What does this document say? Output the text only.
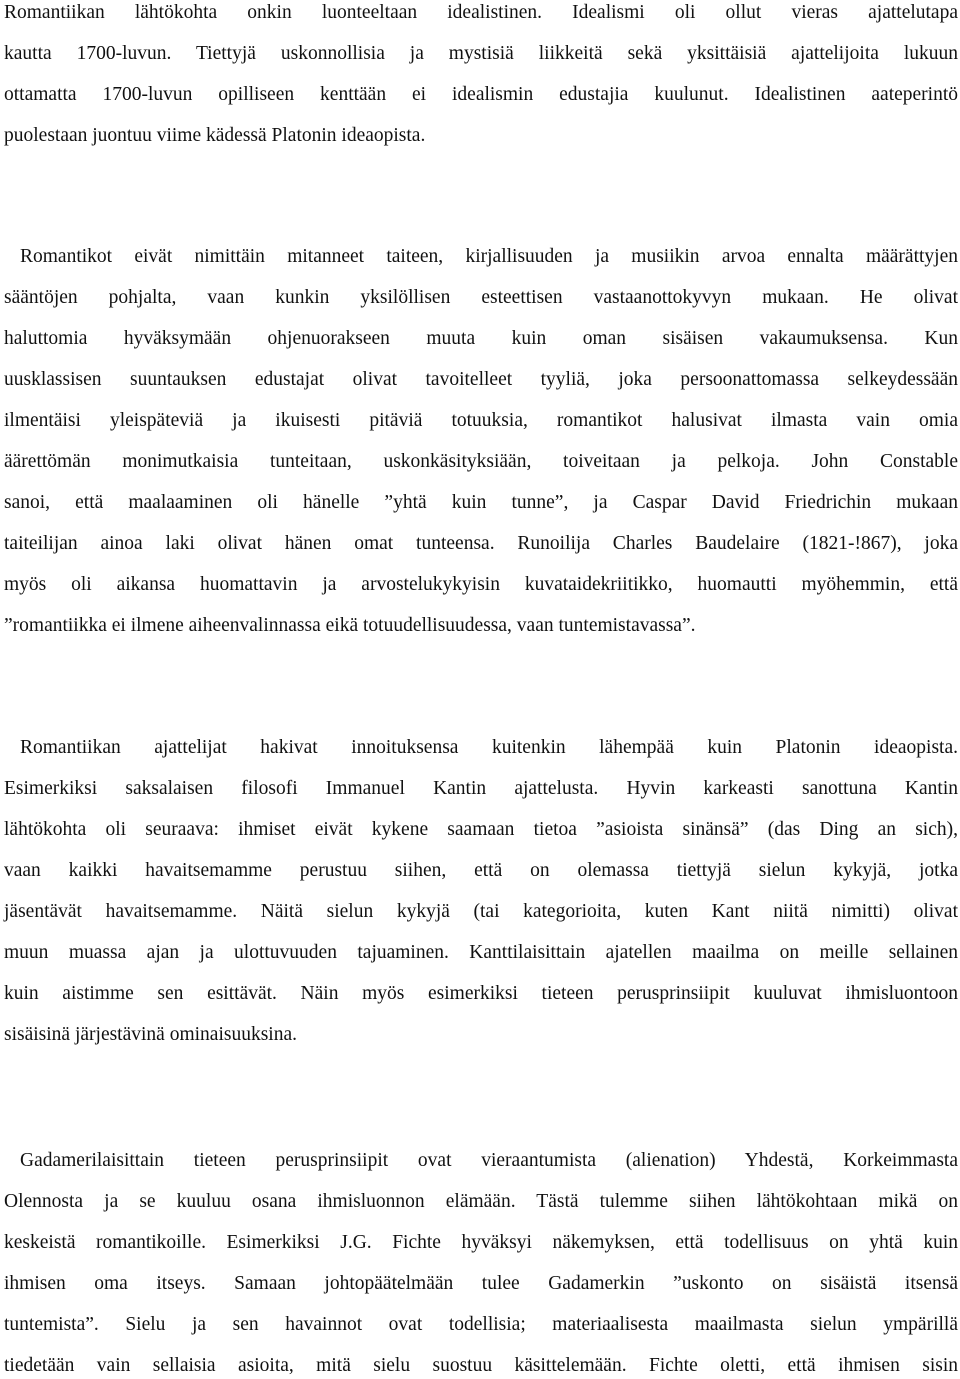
Romantiikan lähtökohta onkin luonteeltaan idealistinen. Idealismi oli ollut vieras ajattelutapa
kautta 1700-luvun. Tiettyjä uskonnollisia ja mystisiä liikkeitä sekä yksittäisiä ajattelijoita lukuun
ottamatta 1700-luvun opilliseen kenttään ei idealismin edustajia kuulunut. Idealistinen aateperintö
puolestaan juontuu viime kädessä Platonin ideaopista.
Romantikot eivät nimittäin mitanneet taiteen, kirjallisuuden ja musiikin arvoa ennalta määrättyjen
sääntöjen pohjalta, vaan kunkin yksilöllisen esteettisen vastaanottokyvyn mukaan. He olivat
haluttomia hyväksymään ohjenuorakseen muuta kuin oman sisäisen vakaumuksensa. Kun
uusklassisen suuntauksen edustajat olivat tavoitelleet tyyliä, joka persoonattomassa selkeydessään
ilmentäisi yleispäteviä ja ikuisesti pitäviä totuuksia, romantikot halusivat ilmasta vain omia
äärettömän monimutkaisia tunteitaan, uskonkäsityksiään, toiveitaan ja pelkoja. John Constable
sanoi, että maalaaminen oli hänelle ”yhtä kuin tunne”, ja Caspar David Friedrichin mukaan
taiteilijan ainoa laki olivat hänen omat tunteensa. Runoilija Charles Baudelaire (1821-!867), joka
myös oli aikansa huomattavin ja arvostelukykyisin kuvataidekriitikko, huomautti myöhemmin, että
”romantiikka ei ilmene aiheenvalinnassa eikä totuudellisuudessa, vaan tuntemistavassa”.
Romantiikan ajattelijat hakivat innoituksensa kuitenkin lähempää kuin Platonin ideaopista.
Esimerkiksi saksalaisen filosofi Immanuel Kantin ajattelusta. Hyvin karkeasti sanottuna Kantin
lähtökohta oli seuraava: ihmiset eivät kykene saamaan tietoa ”asioista sinänsä” (das Ding an sich),
vaan kaikki havaitsemamme perustuu siihen, että on olemassa tiettyjä sielun kykyjä, jotka
jäsentävät havaitsemamme. Näitä sielun kykyjä (tai kategorioita, kuten Kant niitä nimitti) olivat
muun muassa ajan ja ulottuvuuden tajuaminen. Kanttilaisittain ajatellen maailma on meille sellainen
kuin aistimme sen esittävät. Näin myös esimerkiksi tieteen perusprinsiipit kuuluvat ihmisluontoon
sisäisinä järjestävinä ominaisuuksina.
Gadamerilaisittain tieteen perusprinsiipit ovat vieraantumista (alienation) Yhdestä, Korkeimmasta
Olennosta ja se kuuluu osana ihmisluonnon elämään. Tästä tulemme siihen lähtökohtaan mikä on
keskeistä romantikoille. Esimerkiksi J.G. Fichte hyväksyi näkemyksen, että todellisuus on yhtä kuin
ihmisen oma itseys. Samaan johtopäätelmään tulee Gadamerkin ”uskonto on sisäistä itsensä
tuntemista”. Sielu ja sen havainnot ovat todellisia; materiaalisesta maailmasta sielun ympärillä
tiedetään vain sellaisia asioita, mitä sielu suostuu käsittelemään. Fichte oletti, että ihmisen sisin
